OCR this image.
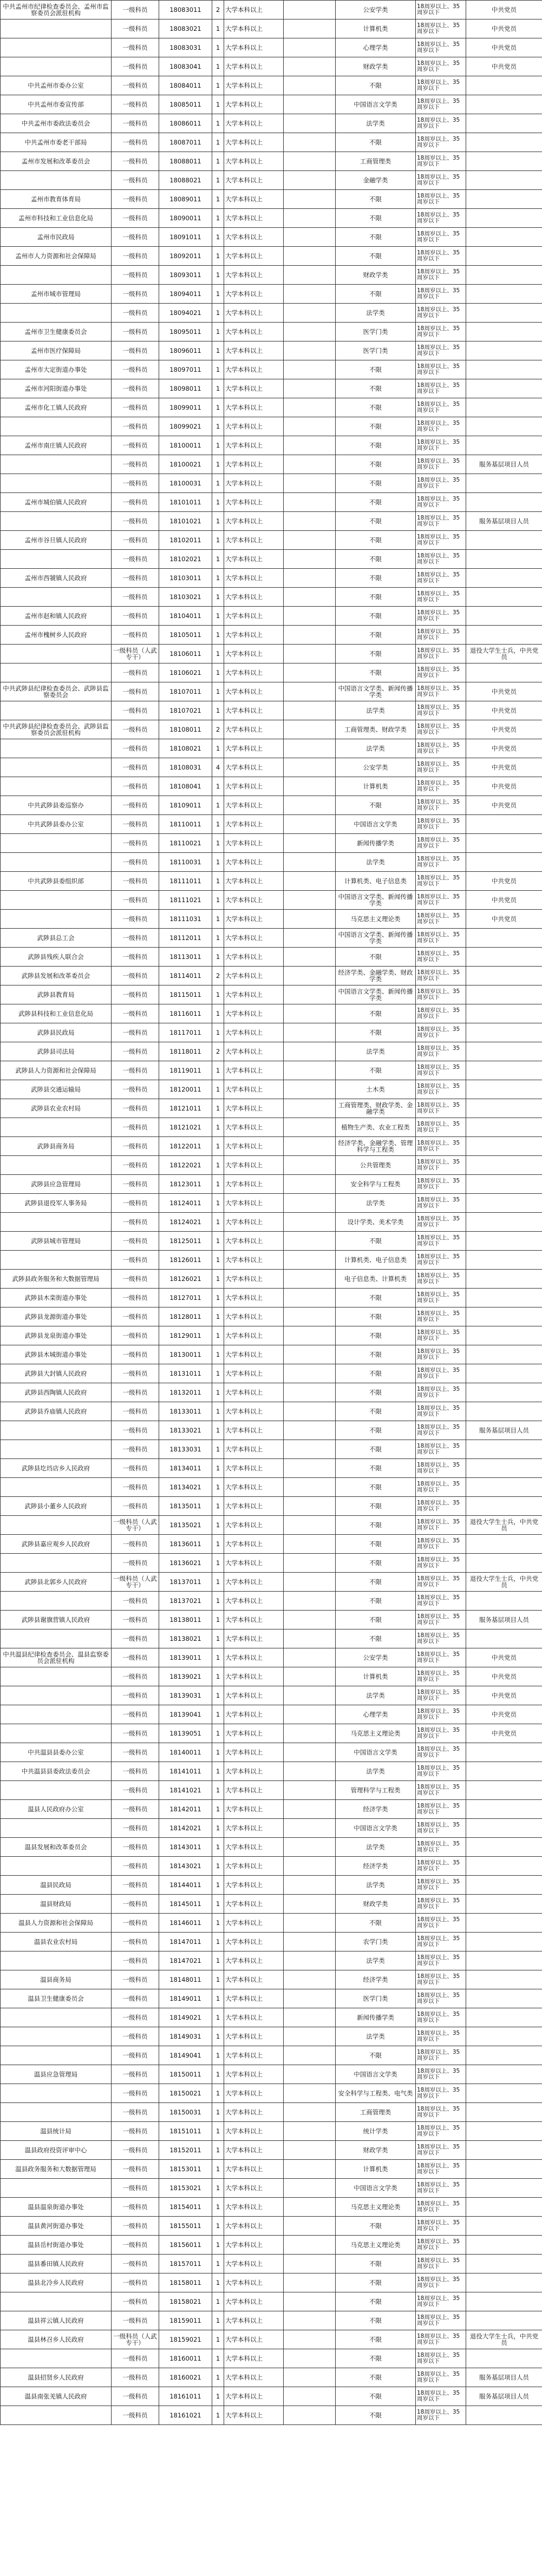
中共孟州市纪律检查委员会、孟州市监察委员会派驻机构	一级科员	18083011	2	大学本科以上		公安学类	18周岁以上、35周岁以下	中共党员
	一级科员	18083021	1	大学本科以上		计算机类	18周岁以上、35周岁以下	中共党员
	一级科员	18083031	1	大学本科以上		心理学类	18周岁以上、35周岁以下	中共党员
	一级科员	18083041	1	大学本科以上		财政学类	18周岁以上、35周岁以下	中共党员
中共孟州市委办公室	一级科员	18084011	1	大学本科以上		不限	18周岁以上、35周岁以下	
中共孟州市委宣传部	一级科员	18085011	1	大学本科以上		中国语言文学类	18周岁以上、35周岁以下	
中共孟州市委政法委员会	一级科员	18086011	1	大学本科以上		法学类	18周岁以上、35周岁以下	
中共孟州市委老干部局	一级科员	18087011	1	大学本科以上		不限	18周岁以上、35周岁以下	
孟州市发展和改革委员会	一级科员	18088011	1	大学本科以上		工商管理类	18周岁以上、35周岁以下	
	一级科员	18088021	1	大学本科以上		金融学类	18周岁以上、35周岁以下	
孟州市教育体育局	一级科员	18089011	1	大学本科以上		不限	18周岁以上、35周岁以下	
孟州市科技和工业信息化局	一级科员	18090011	1	大学本科以上		不限	18周岁以上、35周岁以下	
孟州市民政局	一级科员	18091011	1	大学本科以上		不限	18周岁以上、35周岁以下	
孟州市人力资源和社会保障局	一级科员	18092011	1	大学本科以上		不限	18周岁以上、35周岁以下	
	一级科员	18093011	1	大学本科以上		财政学类	18周岁以上、35周岁以下	
孟州市城市管理局	一级科员	18094011	1	大学本科以上		不限	18周岁以上、35周岁以下	
	一级科员	18094021	1	大学本科以上		法学类	18周岁以上、35周岁以下	
孟州市卫生健康委员会	一级科员	18095011	1	大学本科以上		医学门类	18周岁以上、35周岁以下	
孟州市医疗保障局	一级科员	18096011	1	大学本科以上		医学门类	18周岁以上、35周岁以下	
孟州市大定街道办事处	一级科员	18097011	1	大学本科以上		不限	18周岁以上、35周岁以下	
孟州市河阳街道办事处	一级科员	18098011	1	大学本科以上		不限	18周岁以上、35周岁以下	
孟州市化工镇人民政府	一级科员	18099011	1	大学本科以上		不限	18周岁以上、35周岁以下	
	一级科员	18099021	1	大学本科以上		不限	18周岁以上、35周岁以下	
孟州市南庄镇人民政府	一级科员	18100011	1	大学本科以上		不限	18周岁以上、35周岁以下	
	一级科员	18100021	1	大学本科以上		不限	18周岁以上、35周岁以下	服务基层项目人员
	一级科员	18100031	1	大学本科以上		不限	18周岁以上、35周岁以下	
孟州市城伯镇人民政府	一级科员	18101011	1	大学本科以上		不限	18周岁以上、35周岁以下	
	一级科员	18101021	1	大学本科以上		不限	18周岁以上、35周岁以下	服务基层项目人员
孟州市谷旦镇人民政府	一级科员	18102011	1	大学本科以上		不限	18周岁以上、35周岁以下	
	一级科员	18102021	1	大学本科以上		不限	18周岁以上、35周岁以下	
孟州市西虢镇人民政府	一级科员	18103011	1	大学本科以上		不限	18周岁以上、35周岁以下	
	一级科员	18103021	1	大学本科以上		不限	18周岁以上、35周岁以下	
孟州市赵和镇人民政府	一级科员	18104011	1	大学本科以上		不限	18周岁以上、35周岁以下	
孟州市槐树乡人民政府	一级科员	18105011	1	大学本科以上		不限	18周岁以上、35周岁以下	
	一级科员（人武专干）	18106011	1	大学本科以上		不限	18周岁以上、35周岁以下	退役大学生士兵，中共党员
	一级科员	18106021	1	大学本科以上		不限	18周岁以上、35周岁以下	
中共武陟县纪律检查委员会、武陟县监察委员会	一级科员	18107011	1	大学本科以上		中国语言文学类、新闻传播学类	18周岁以上、35周岁以下	中共党员
	一级科员	18107021	1	大学本科以上		法学类	18周岁以上、35周岁以下	中共党员
中共武陟县纪律检查委员会、武陟县监察委员会派驻机构	一级科员	18108011	2	大学本科以上		工商管理类、财政学类	18周岁以上、35周岁以下	中共党员
	一级科员	18108021	1	大学本科以上		法学类	18周岁以上、35周岁以下	中共党员
	一级科员	18108031	4	大学本科以上		公安学类	18周岁以上、35周岁以下	中共党员
	一级科员	18108041	1	大学本科以上		计算机类	18周岁以上、35周岁以下	中共党员
中共武陟县委巡察办	一级科员	18109011	1	大学本科以上		不限	18周岁以上、35周岁以下	中共党员
中共武陟县委办公室	一级科员	18110011	1	大学本科以上		中国语言文学类	18周岁以上、35周岁以下	
	一级科员	18110021	1	大学本科以上		新闻传播学类	18周岁以上、35周岁以下	
	一级科员	18110031	1	大学本科以上		法学类	18周岁以上、35周岁以下	
中共武陟县委组织部	一级科员	18111011	1	大学本科以上		计算机类、电子信息类	18周岁以上、35周岁以下	中共党员
	一级科员	18111021	1	大学本科以上		中国语言文学类、新闻传播学类	18周岁以上、35周岁以下	中共党员
	一级科员	18111031	1	大学本科以上		马克思主义理论类	18周岁以上、35周岁以下	中共党员
武陟县总工会	一级科员	18112011	1	大学本科以上		中国语言文学类、新闻传播学类	18周岁以上、35周岁以下	
武陟县残疾人联合会	一级科员	18113011	1	大学本科以上		不限	18周岁以上、35周岁以下	
武陟县发展和改革委员会	一级科员	18114011	2	大学本科以上		经济学类、金融学类、财政学类	18周岁以上、35周岁以下	
武陟县教育局	一级科员	18115011	1	大学本科以上		中国语言文学类、新闻传播学类	18周岁以上、35周岁以下	
武陟县科技和工业信息化局	一级科员	18116011	1	大学本科以上		不限	18周岁以上、35周岁以下	
武陟县民政局	一级科员	18117011	1	大学本科以上		不限	18周岁以上、35周岁以下	
武陟县司法局	一级科员	18118011	2	大学本科以上		法学类	18周岁以上、35周岁以下	
武陟县人力资源和社会保障局	一级科员	18119011	1	大学本科以上		不限	18周岁以上、35周岁以下	
武陟县交通运输局	一级科员	18120011	1	大学本科以上		土木类	18周岁以上、35周岁以下	
武陟县农业农村局	一级科员	18121011	1	大学本科以上		工商管理类、财政学类、金融学类	18周岁以上、35周岁以下	
	一级科员	18121021	1	大学本科以上		植物生产类、农业工程类	18周岁以上、35周岁以下	
武陟县商务局	一级科员	18122011	1	大学本科以上		经济学类、金融学类、管理科学与工程类	18周岁以上、35周岁以下	
	一级科员	18122021	1	大学本科以上		公共管理类	18周岁以上、35周岁以下	
武陟县应急管理局	一级科员	18123011	1	大学本科以上		安全科学与工程类	18周岁以上、35周岁以下	
武陟县退役军人事务局	一级科员	18124011	1	大学本科以上		法学类	18周岁以上、35周岁以下	
	一级科员	18124021	1	大学本科以上		设计学类、美术学类	18周岁以上、35周岁以下	
武陟县城市管理局	一级科员	18125011	1	大学本科以上		不限	18周岁以上、35周岁以下	
	一级科员	18126011	1	大学本科以上		计算机类、电子信息类	18周岁以上、35周岁以下	
武陟县政务服务和大数据管理局	一级科员	18126021	1	大学本科以上		电子信息类、计算机类	18周岁以上、35周岁以下	
武陟县木栾街道办事处	一级科员	18127011	1	大学本科以上		不限	18周岁以上、35周岁以下	
武陟县龙源街道办事处	一级科员	18128011	1	大学本科以上		不限	18周岁以上、35周岁以下	
武陟县龙泉街道办事处	一级科员	18129011	1	大学本科以上		不限	18周岁以上、35周岁以下	
武陟县木城街道办事处	一级科员	18130011	1	大学本科以上		不限	18周岁以上、35周岁以下	
武陟县大封镇人民政府	一级科员	18131011	1	大学本科以上		不限	18周岁以上、35周岁以下	
武陟县西陶镇人民政府	一级科员	18132011	1	大学本科以上		不限	18周岁以上、35周岁以下	
武陟县乔庙镇人民政府	一级科员	18133011	1	大学本科以上		不限	18周岁以上、35周岁以下	
	一级科员	18133021	1	大学本科以上		不限	18周岁以上、35周岁以下	服务基层项目人员
	一级科员	18133031	1	大学本科以上		不限	18周岁以上、35周岁以下	
武陟县圪垱店乡人民政府	一级科员	18134011	1	大学本科以上		不限	18周岁以上、35周岁以下	
	一级科员	18134021	1	大学本科以上		不限	18周岁以上、35周岁以下	
武陟县小董乡人民政府	一级科员	18135011	1	大学本科以上		不限	18周岁以上、35周岁以下	
	一级科员（人武专干）	18135021	1	大学本科以上		不限	18周岁以上、35周岁以下	退役大学生士兵，中共党员
武陟县嘉应观乡人民政府	一级科员	18136011	1	大学本科以上		不限	18周岁以上、35周岁以下	
	一级科员	18136021	1	大学本科以上		不限	18周岁以上、35周岁以下	
武陟县北郭乡人民政府	一级科员（人武专干）	18137011	1	大学本科以上		不限	18周岁以上、35周岁以下	退役大学生士兵，中共党员
	一级科员	18137021	1	大学本科以上		不限	18周岁以上、35周岁以下	
武陟县谢旗营镇人民政府	一级科员	18138011	1	大学本科以上		不限	18周岁以上、35周岁以下	服务基层项目人员
	一级科员	18138021	1	大学本科以上		不限	18周岁以上、35周岁以下	
中共温县纪律检查委员会、温县监察委员会派驻机构	一级科员	18139011	1	大学本科以上		公安学类	18周岁以上、35周岁以下	中共党员
	一级科员	18139021	1	大学本科以上		计算机类	18周岁以上、35周岁以下	中共党员
	一级科员	18139031	1	大学本科以上		法学类	18周岁以上、35周岁以下	中共党员
	一级科员	18139041	1	大学本科以上		心理学类	18周岁以上、35周岁以下	中共党员
	一级科员	18139051	1	大学本科以上		马克思主义理论类	18周岁以上、35周岁以下	中共党员
中共温县县委办公室	一级科员	18140011	1	大学本科以上		中国语言文学类	18周岁以上、35周岁以下	
中共温县县委政法委员会	一级科员	18141011	1	大学本科以上		法学类	18周岁以上、35周岁以下	
	一级科员	18141021	1	大学本科以上		管理科学与工程类	18周岁以上、35周岁以下	
温县人民政府办公室	一级科员	18142011	1	大学本科以上		经济学类	18周岁以上、35周岁以下	
	一级科员	18142021	1	大学本科以上		中国语言文学类	18周岁以上、35周岁以下	
温县发展和改革委员会	一级科员	18143011	1	大学本科以上		法学类	18周岁以上、35周岁以下	
	一级科员	18143021	1	大学本科以上		经济学类	18周岁以上、35周岁以下	
温县民政局	一级科员	18144011	1	大学本科以上		法学类	18周岁以上、35周岁以下	
温县财政局	一级科员	18145011	1	大学本科以上		财政学类	18周岁以上、35周岁以下	
温县人力资源和社会保障局	一级科员	18146011	1	大学本科以上		不限	18周岁以上、35周岁以下	
温县农业农村局	一级科员	18147011	1	大学本科以上		农学门类	18周岁以上、35周岁以下	
	一级科员	18147021	1	大学本科以上		法学类	18周岁以上、35周岁以下	
温县商务局	一级科员	18148011	1	大学本科以上		经济学类	18周岁以上、35周岁以下	
温县卫生健康委员会	一级科员	18149011	1	大学本科以上		医学门类	18周岁以上、35周岁以下	
	一级科员	18149021	1	大学本科以上		新闻传播学类	18周岁以上、35周岁以下	
	一级科员	18149031	1	大学本科以上		法学类	18周岁以上、35周岁以下	
	一级科员	18149041	1	大学本科以上		不限	18周岁以上、35周岁以下	
温县应急管理局	一级科员	18150011	1	大学本科以上		中国语言文学类	18周岁以上、35周岁以下	
	一级科员	18150021	1	大学本科以上		安全科学与工程类、电气类	18周岁以上、35周岁以下	
	一级科员	18150031	1	大学本科以上		工商管理类	18周岁以上、35周岁以下	
温县统计局	一级科员	18151011	1	大学本科以上		统计学类	18周岁以上、35周岁以下	
温县政府投资评审中心	一级科员	18152011	1	大学本科以上		财政学类	18周岁以上、35周岁以下	
温县政务服务和大数据管理局	一级科员	18153011	1	大学本科以上		计算机类	18周岁以上、35周岁以下	
	一级科员	18153021	1	大学本科以上		中国语言文学类	18周岁以上、35周岁以下	
温县温泉街道办事处	一级科员	18154011	1	大学本科以上		马克思主义理论类	18周岁以上、35周岁以下	
温县黄河街道办事处	一级科员	18155011	1	大学本科以上		不限	18周岁以上、35周岁以下	
温县岳村街道办事处	一级科员	18156011	1	大学本科以上		马克思主义理论类	18周岁以上、35周岁以下	
温县番田镇人民政府	一级科员	18157011	1	大学本科以上		不限	18周岁以上、35周岁以下	
温县北冷乡人民政府	一级科员	18158011	1	大学本科以上		不限	18周岁以上、35周岁以下	
	一级科员	18158021	1	大学本科以上		不限	18周岁以上、35周岁以下	
温县祥云镇人民政府	一级科员	18159011	1	大学本科以上		不限	18周岁以上、35周岁以下	
温县林召乡人民政府	一级科员（人武专干）	18159021	1	大学本科以上		不限	18周岁以上、35周岁以下	退役大学生士兵，中共党员
	一级科员	18160011	1	大学本科以上		不限	18周岁以上、35周岁以下	
温县招贤乡人民政府	一级科员	18160021	1	大学本科以上		不限	18周岁以上、35周岁以下	服务基层项目人员
温县南张羌镇人民政府	一级科员	18161011	1	大学本科以上		不限	18周岁以上、35周岁以下	服务基层项目人员
	一级科员	18161021	1	大学本科以上		不限	18周岁以上、35周岁以下	
